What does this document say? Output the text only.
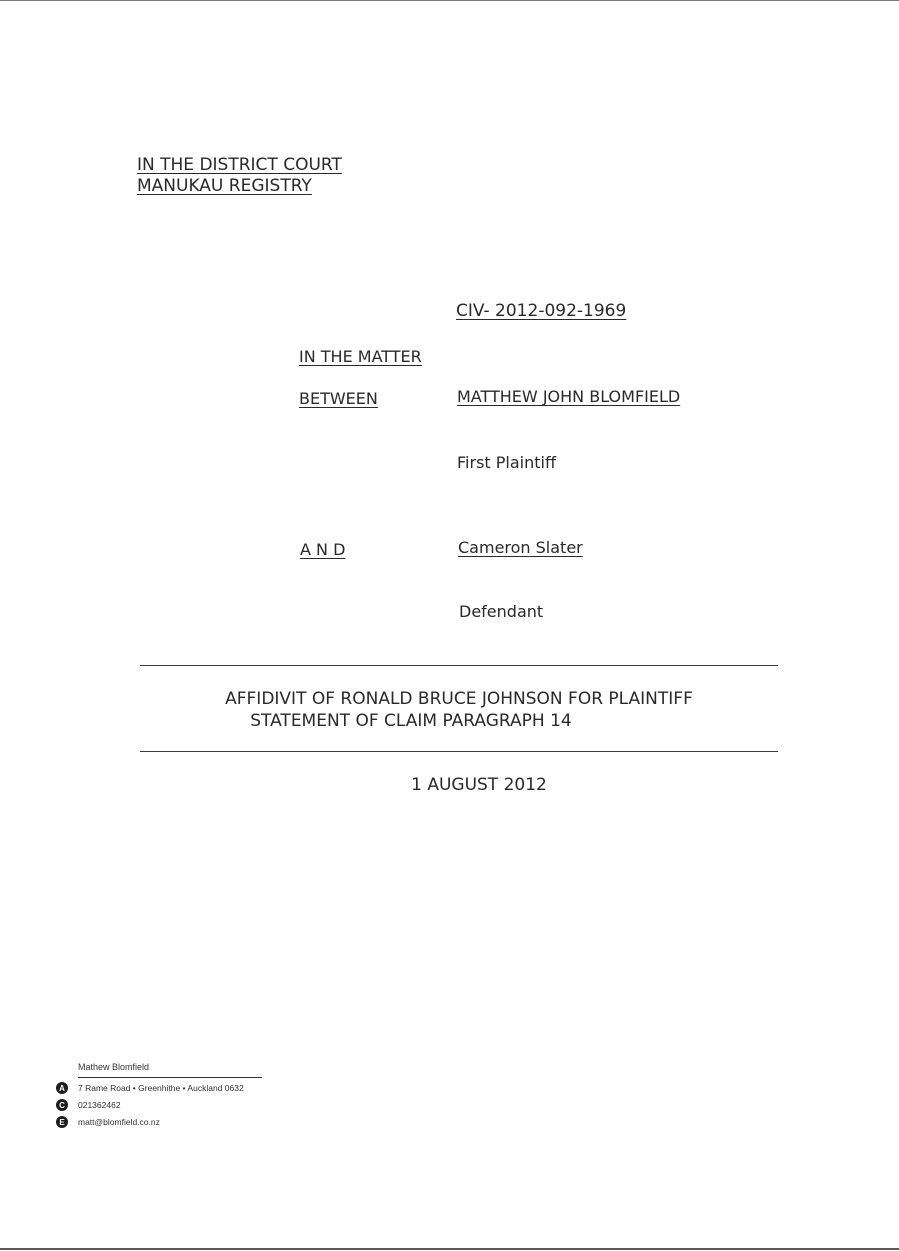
IN THE DISTRICT COURT
MANUKAU REGISTRY
CIV- 2012-092-1969
IN THE MATTER
BETWEEN	MATTHEW JOHN BLOMFIELD
First Plaintiff
A N D	Cameron Slater
Defendant
AFFIDIVIT OF RONALD BRUCE JOHNSON FOR PLAINTIFF
STATEMENT OF CLAIM PARAGRAPH 14
1 AUGUST 2012
Mathew Blomfield
A	7 Rame Road • Greenhithe • Auckland 0632
C	021362462
E	matt@blomfield.co.nz
